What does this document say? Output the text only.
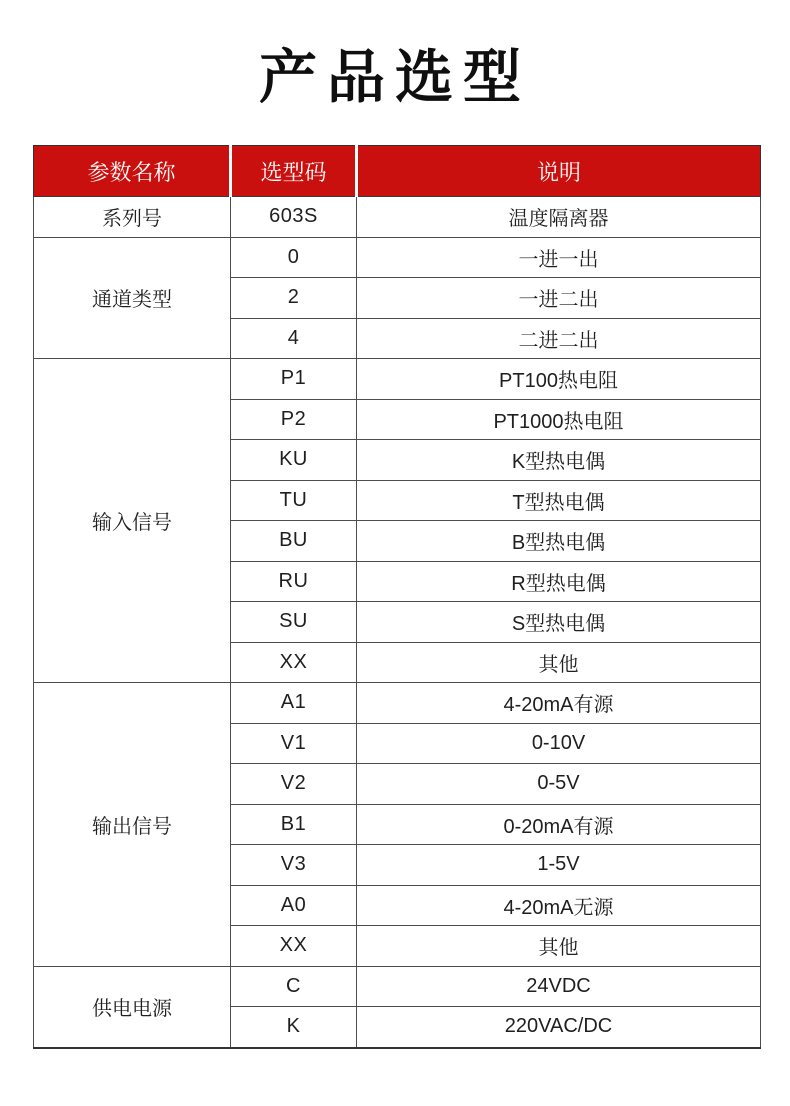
产品选型
参数名称	选型码	说明
系列号	603S	温度隔离器
通道类型	0	一进一出
	2	一进二出
	4	二进二出
输入信号	P1	PT100热电阻
	P2	PT1000热电阻
	KU	K型热电偶
	TU	T型热电偶
	BU	B型热电偶
	RU	R型热电偶
	SU	S型热电偶
	XX	其他
输出信号	A1	4-20mA有源
	V1	0-10V
	V2	0-5V
	B1	0-20mA有源
	V3	1-5V
	A0	4-20mA无源
	XX	其他
供电电源	C	24VDC
	K	220VAC/DC
